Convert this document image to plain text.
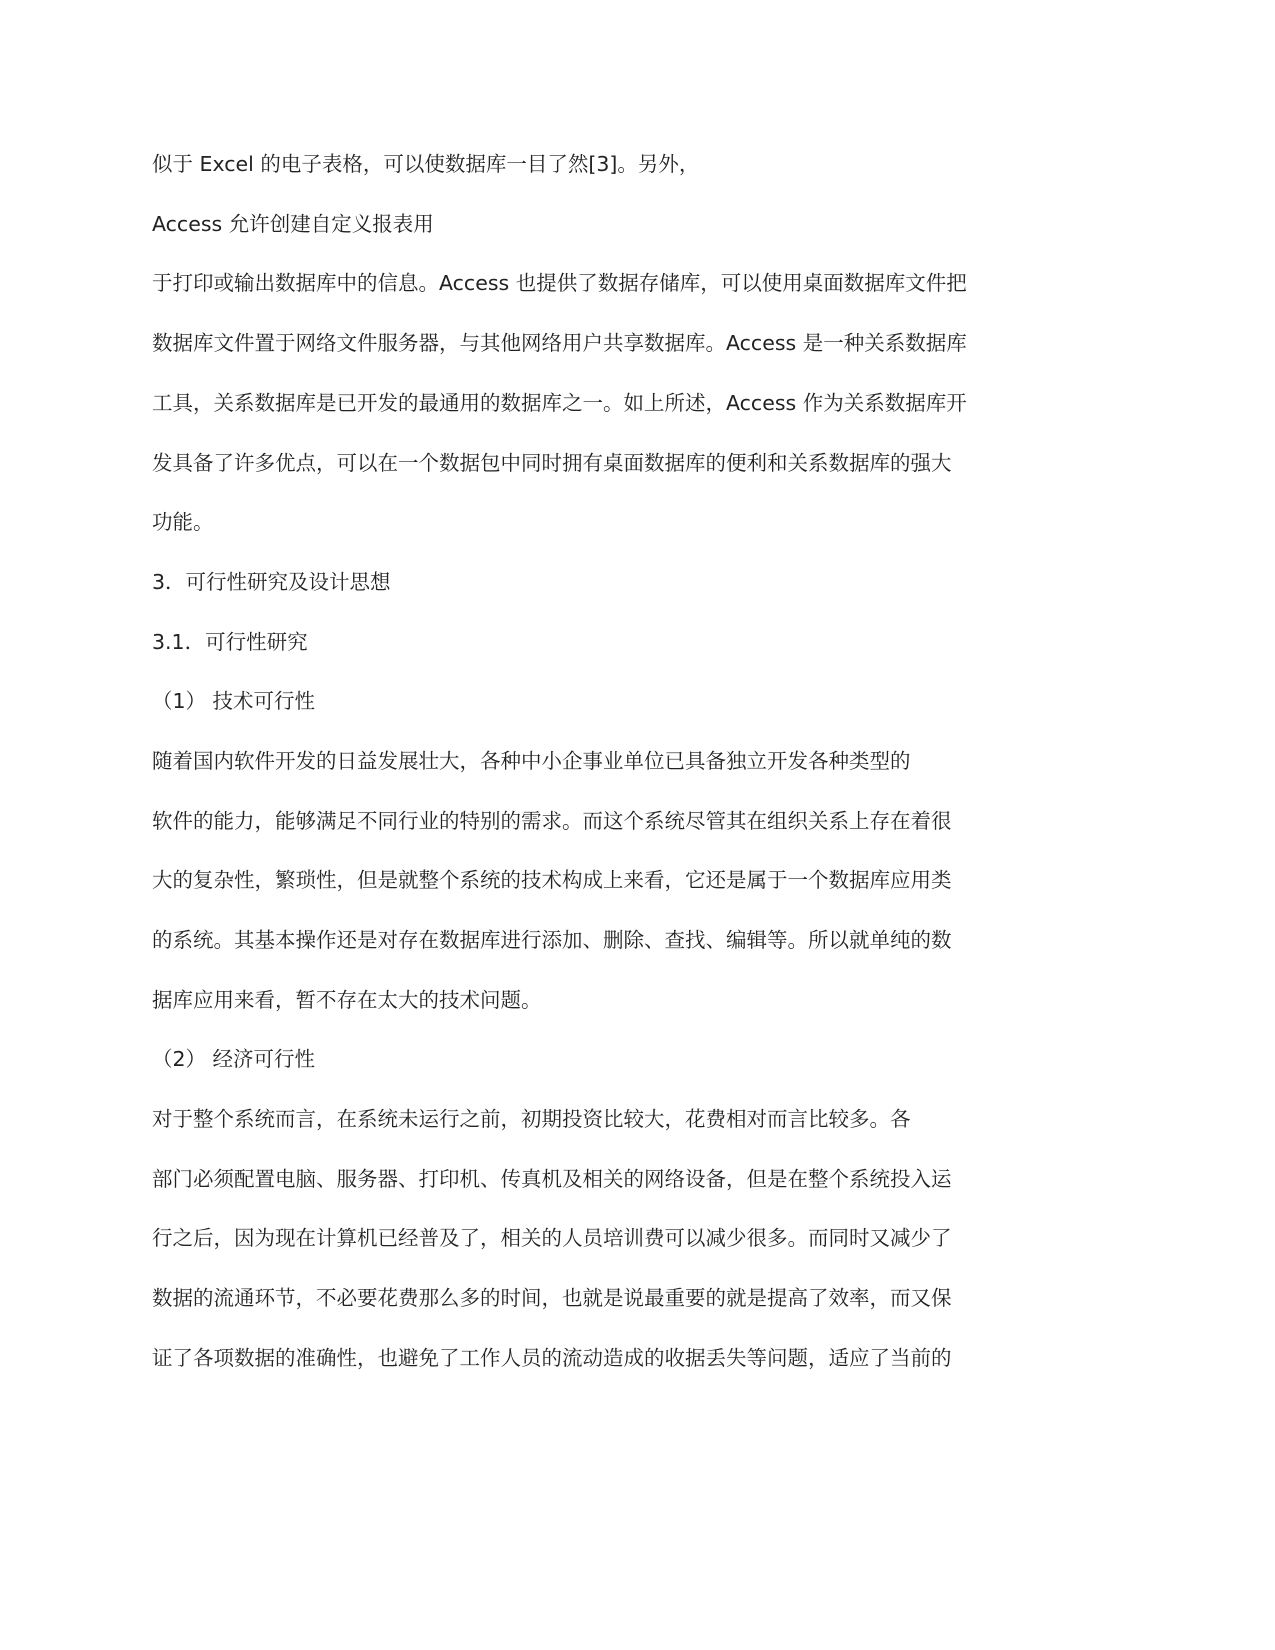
似于 Excel 的电子表格，可以使数据库一目了然[3]。另外，

Access 允许创建自定义报表用

于打印或输出数据库中的信息。Access 也提供了数据存储库，可以使用桌面数据库文件把

数据库文件置于网络文件服务器，与其他网络用户共享数据库。Access 是一种关系数据库

工具，关系数据库是已开发的最通用的数据库之一。如上所述，Access 作为关系数据库开

发具备了许多优点，可以在一个数据包中同时拥有桌面数据库的便利和关系数据库的强大

功能。

3．可行性研究及设计思想

3.1．可行性研究

（1） 技术可行性

随着国内软件开发的日益发展壮大，各种中小企事业单位已具备独立开发各种类型的

软件的能力，能够满足不同行业的特别的需求。而这个系统尽管其在组织关系上存在着很

大的复杂性，繁琐性，但是就整个系统的技术构成上来看，它还是属于一个数据库应用类

的系统。其基本操作还是对存在数据库进行添加、删除、查找、编辑等。所以就单纯的数

据库应用来看，暂不存在太大的技术问题。

（2） 经济可行性

对于整个系统而言，在系统未运行之前，初期投资比较大，花费相对而言比较多。各

部门必须配置电脑、服务器、打印机、传真机及相关的网络设备，但是在整个系统投入运

行之后，因为现在计算机已经普及了，相关的人员培训费可以减少很多。而同时又减少了

数据的流通环节，不必要花费那么多的时间，也就是说最重要的就是提高了效率，而又保

证了各项数据的准确性，也避免了工作人员的流动造成的收据丢失等问题，适应了当前的
